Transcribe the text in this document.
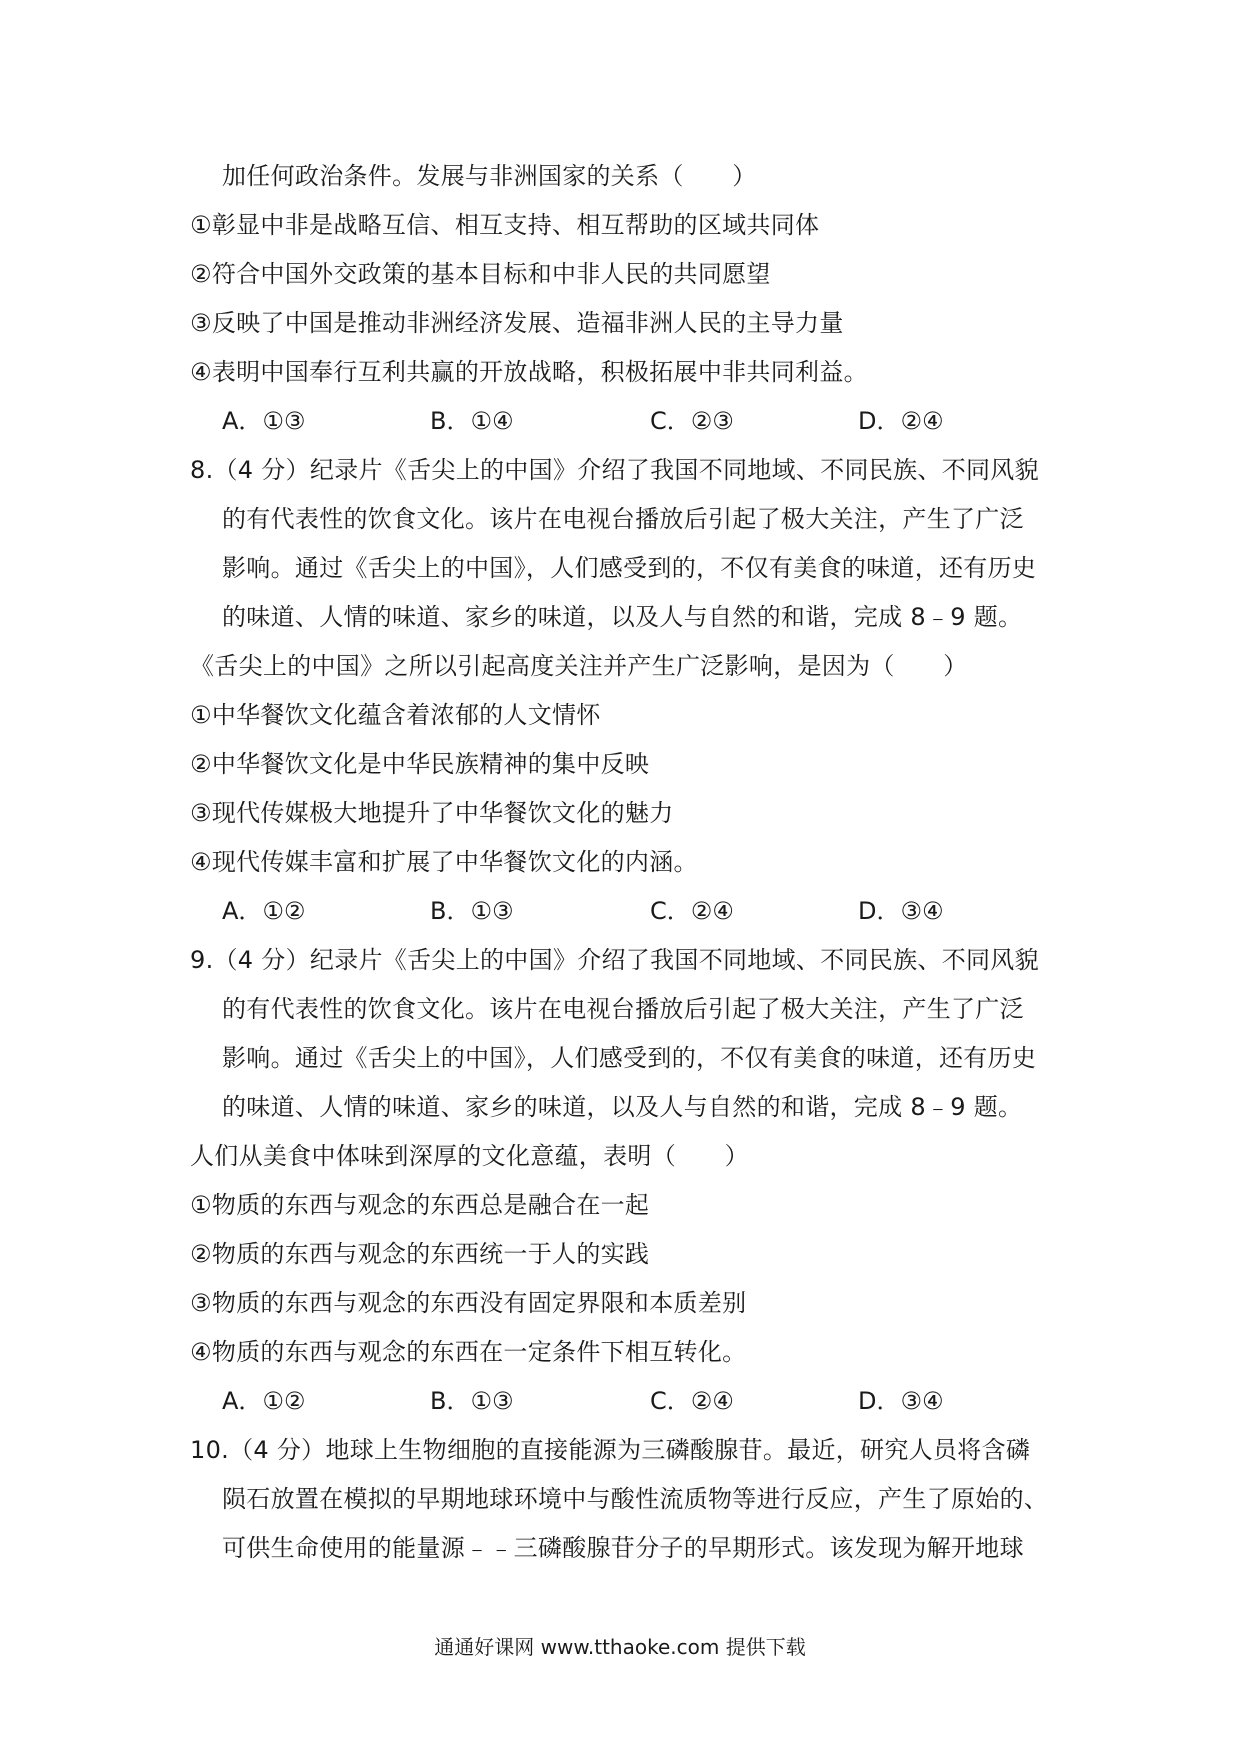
加任何政治条件。发展与非洲国家的关系（　　）
①彰显中非是战略互信、相互支持、相互帮助的区域共同体
②符合中国外交政策的基本目标和中非人民的共同愿望
③反映了中国是推动非洲经济发展、造福非洲人民的主导力量
④表明中国奉行互利共赢的开放战略，积极拓展中非共同利益。
A．①③	B．①④	C．②③	D．②④
8.（4 分）纪录片《舌尖上的中国》介绍了我国不同地域、不同民族、不同风貌
的有代表性的饮食文化。该片在电视台播放后引起了极大关注，产生了广泛
影响。通过《舌尖上的中国》，人们感受到的，不仅有美食的味道，还有历史
的味道、人情的味道、家乡的味道，以及人与自然的和谐，完成 8﹣9 题。
《舌尖上的中国》之所以引起高度关注并产生广泛影响，是因为（　　）
①中华餐饮文化蕴含着浓郁的人文情怀
②中华餐饮文化是中华民族精神的集中反映
③现代传媒极大地提升了中华餐饮文化的魅力
④现代传媒丰富和扩展了中华餐饮文化的内涵。
A．①②	B．①③	C．②④	D．③④
9.（4 分）纪录片《舌尖上的中国》介绍了我国不同地域、不同民族、不同风貌
的有代表性的饮食文化。该片在电视台播放后引起了极大关注，产生了广泛
影响。通过《舌尖上的中国》，人们感受到的，不仅有美食的味道，还有历史
的味道、人情的味道、家乡的味道，以及人与自然的和谐，完成 8﹣9 题。
人们从美食中体味到深厚的文化意蕴，表明（　　）
①物质的东西与观念的东西总是融合在一起
②物质的东西与观念的东西统一于人的实践
③物质的东西与观念的东西没有固定界限和本质差别
④物质的东西与观念的东西在一定条件下相互转化。
A．①②	B．①③	C．②④	D．③④
10.（4 分）地球上生物细胞的直接能源为三磷酸腺苷。最近，研究人员将含磷
陨石放置在模拟的早期地球环境中与酸性流质物等进行反应，产生了原始的、
可供生命使用的能量源﹣﹣三磷酸腺苷分子的早期形式。该发现为解开地球
通通好课网 www.tthaoke.com 提供下载
